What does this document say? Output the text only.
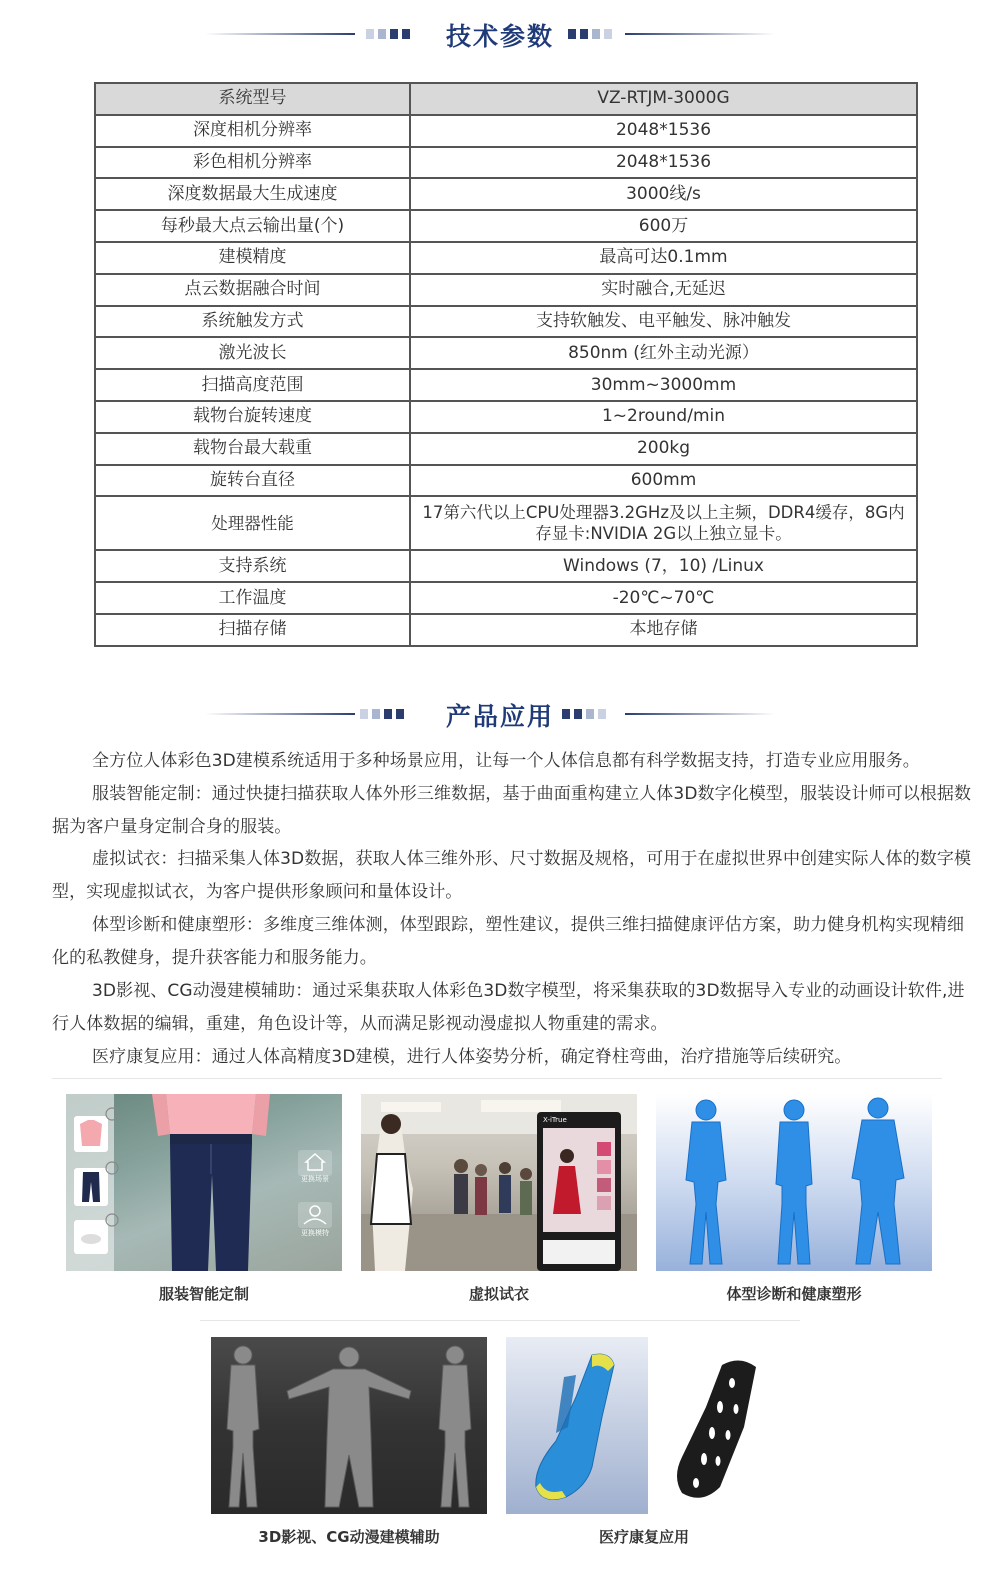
技术参数
系统型号	VZ-RTJM-3000G
深度相机分辨率	2048*1536
彩色相机分辨率	2048*1536
深度数据最大生成速度	3000线/s
每秒最大点云输出量(个)	600万
建模精度	最高可达0.1mm
点云数据融合时间	实时融合,无延迟
系统触发方式	支持软触发、电平触发、脉冲触发
激光波长	850nm (红外主动光源）
扫描高度范围	30mm~3000mm
载物台旋转速度	1~2round/min
载物台最大载重	200kg
旋转台直径	600mm
处理器性能	17第六代以上CPU处理器3.2GHz及以上主频，DDR4缓存，8G内存显卡:NVIDIA 2G以上独立显卡。
支持系统	Windows (7，10) /Linux
工作温度	-20℃~70℃
扫描存储	本地存储
产品应用

全方位人体彩色3D建模系统适用于多种场景应用，让每一个人体信息都有科学数据支持，打造专业应用服务。

服装智能定制：通过快捷扫描获取人体外形三维数据，基于曲面重构建立人体3D数字化模型，服装设计师可以根据数据为客户量身定制合身的服装。

虚拟试衣：扫描采集人体3D数据，获取人体三维外形、尺寸数据及规格，可用于在虚拟世界中创建实际人体的数字模型，实现虚拟试衣，为客户提供形象顾问和量体设计。

体型诊断和健康塑形：多维度三维体测，体型跟踪，塑性建议，提供三维扫描健康评估方案，助力健身机构实现精细化的私教健身，提升获客能力和服务能力。

3D影视、CG动漫建模辅助：通过采集获取人体彩色3D数字模型，将采集获取的3D数据导入专业的动画设计软件,进行人体数据的编辑，重建，角色设计等，从而满足影视动漫虚拟人物重建的需求。

医疗康复应用：通过人体高精度3D建模，进行人体姿势分析，确定脊柱弯曲，治疗措施等后续研究。

更换场景
更换模特
服装智能定制
X-iTrue
虚拟试衣	体型诊断和健康塑形
3D影视、CG动漫建模辅助	医疗康复应用
